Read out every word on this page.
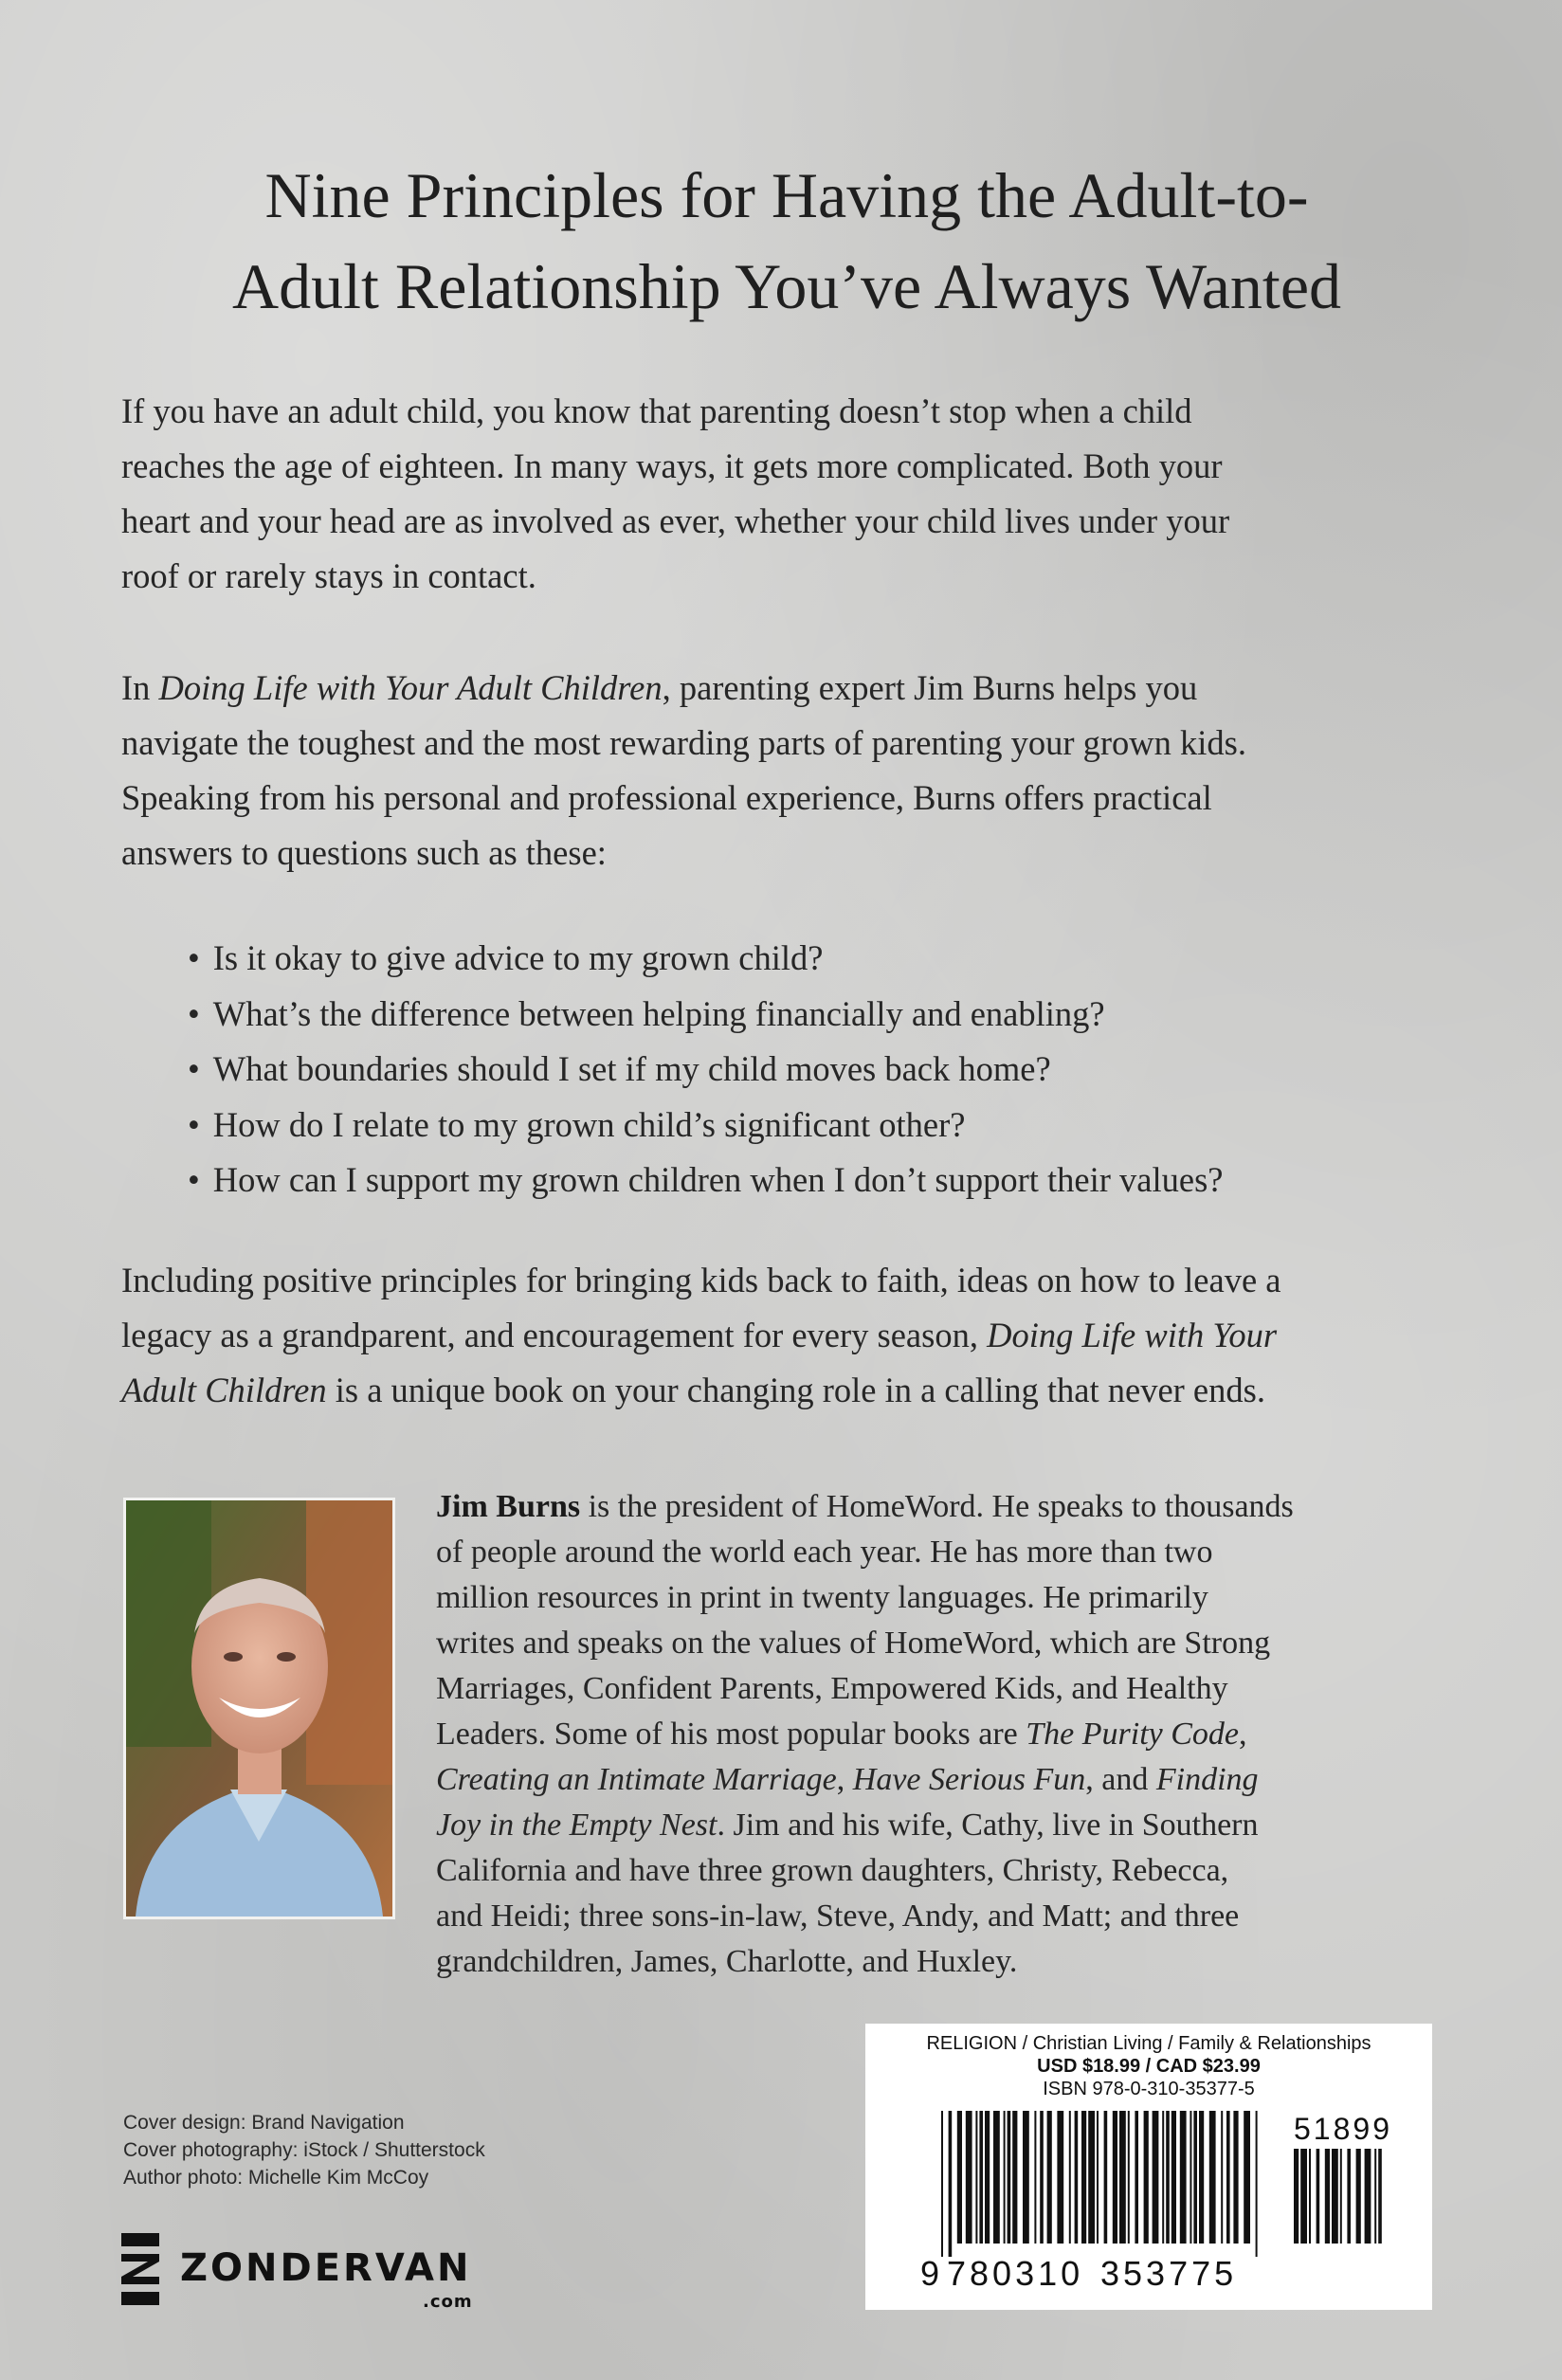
Nine Principles for Having the Adult-to-
Adult Relationship You’ve Always Wanted

If you have an adult child, you know that parenting doesn’t stop when a child

reaches the age of eighteen. In many ways, it gets more complicated. Both your

heart and your head are as involved as ever, whether your child lives under your

roof or rarely stays in contact.

In Doing Life with Your Adult Children, parenting expert Jim Burns helps you

navigate the toughest and the most rewarding parts of parenting your grown kids.

Speaking from his personal and professional experience, Burns offers practical

answers to questions such as these:

• Is it okay to give advice to my grown child?
• What’s the difference between helping financially and enabling?
• What boundaries should I set if my child moves back home?
• How do I relate to my grown child’s significant other?
• How can I support my grown children when I don’t support their values?

Including positive principles for bringing kids back to faith, ideas on how to leave a

legacy as a grandparent, and encouragement for every season, Doing Life with Your

Adult Children is a unique book on your changing role in a calling that never ends.

Jim Burns is the president of HomeWord. He speaks to thousands
of people around the world each year. He has more than two
million resources in print in twenty languages. He primarily
writes and speaks on the values of HomeWord, which are Strong
Marriages, Confident Parents, Empowered Kids, and Healthy
Leaders. Some of his most popular books are The Purity Code,
Creating an Intimate Marriage, Have Serious Fun, and Finding
Joy in the Empty Nest. Jim and his wife, Cathy, live in Southern
California and have three grown daughters, Christy, Rebecca,
and Heidi; three sons-in-law, Steve, Andy, and Matt; and three
grandchildren, James, Charlotte, and Huxley.
Cover design: Brand Navigation
Cover photography: iStock / Shutterstock
Author photo: Michelle Kim McCoy
ZONDERVAN
.com
RELIGION / Christian Living / Family & Relationships
USD $18.99 / CAD $23.99
ISBN 978-0-310-35377-5
9 780310 353775
51899
